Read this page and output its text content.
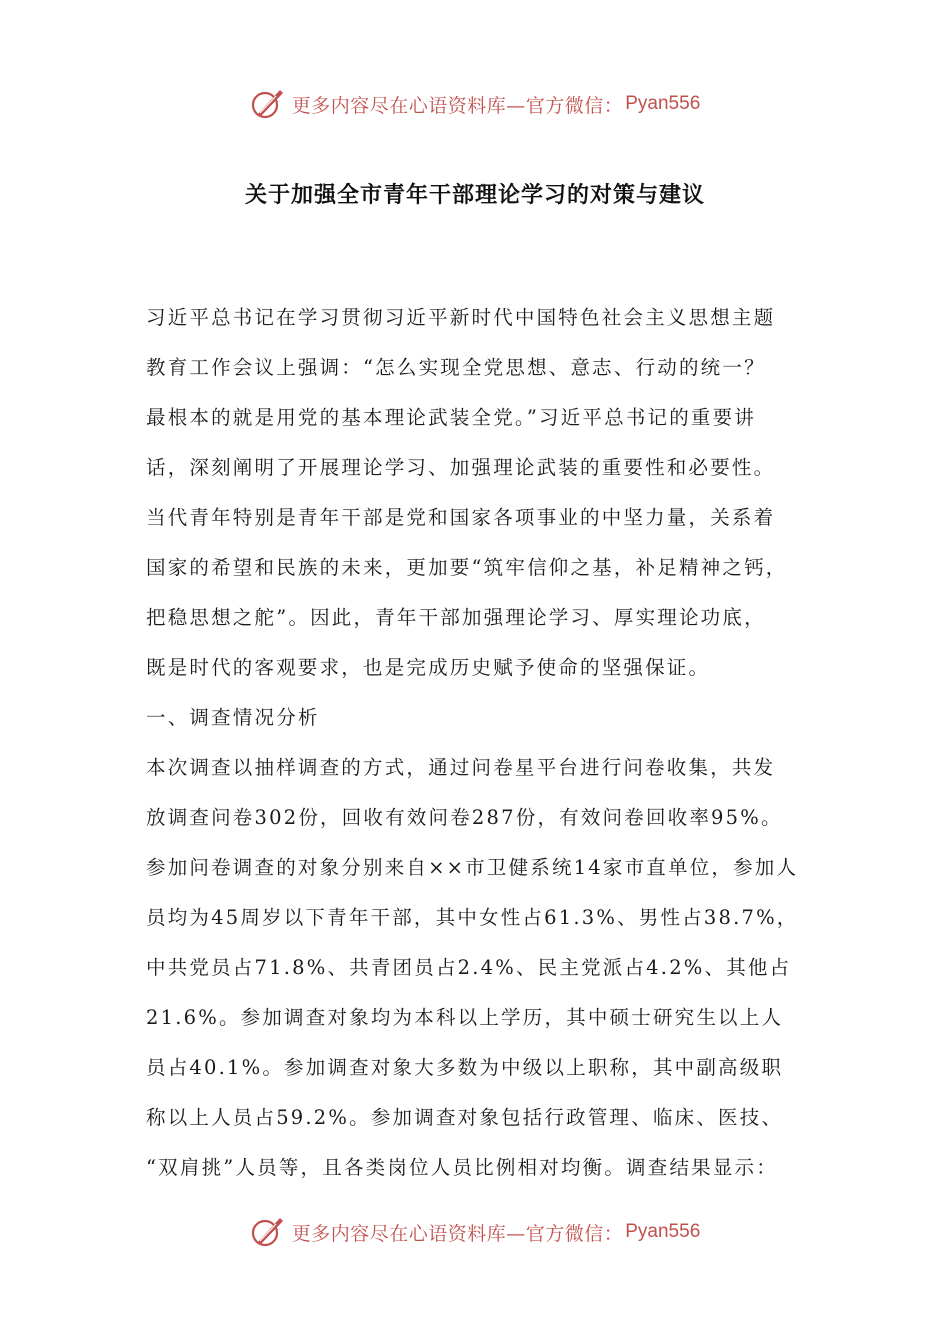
更多内容尽在心语资料库—官方微信： Pyan556
关于加强全市青年干部理论学习的对策与建议
习近平总书记在学习贯彻习近平新时代中国特色社会主义思想主题
教育工作会议上强调：“怎么实现全党思想、意志、行动的统一？
最根本的就是用党的基本理论武装全党。”习近平总书记的重要讲
话，深刻阐明了开展理论学习、加强理论武装的重要性和必要性。
当代青年特别是青年干部是党和国家各项事业的中坚力量，关系着
国家的希望和民族的未来，更加要“筑牢信仰之基，补足精神之钙，
把稳思想之舵”。因此，青年干部加强理论学习、厚实理论功底，
既是时代的客观要求，也是完成历史赋予使命的坚强保证。
一、调查情况分析
本次调查以抽样调查的方式，通过问卷星平台进行问卷收集，共发
放调查问卷302份，回收有效问卷287份，有效问卷回收率95%。
参加问卷调查的对象分别来自××市卫健系统14家市直单位，参加人
员均为45周岁以下青年干部，其中女性占61.3%、男性占38.7%，
中共党员占71.8%、共青团员占2.4%、民主党派占4.2%、其他占
21.6%。参加调查对象均为本科以上学历，其中硕士研究生以上人
员占40.1%。参加调查对象大多数为中级以上职称，其中副高级职
称以上人员占59.2%。参加调查对象包括行政管理、临床、医技、
“双肩挑”人员等，且各类岗位人员比例相对均衡。调查结果显示：
更多内容尽在心语资料库—官方微信： Pyan556
